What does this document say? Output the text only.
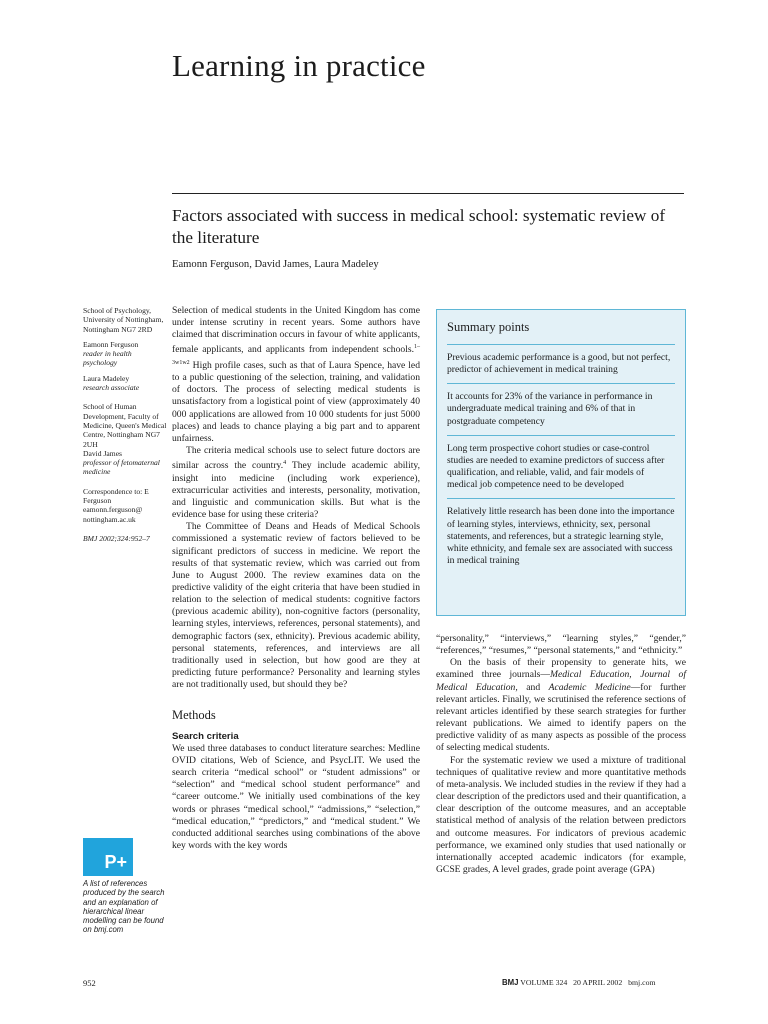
Learning in practice
Factors associated with success in medical school: systematic review of the literature
Eamonn Ferguson, David James, Laura Madeley

School of Psychology, University of Nottingham, Nottingham NG7 2RD

Eamonn Ferguson

reader in health psychology

Laura Madeley

research associate

School of Human Development, Faculty of Medicine, Queen's Medical Centre, Nottingham NG7 2UH

David James

professor of fetomaternal medicine

Correspondence to: E Ferguson eamonn.ferguson@ nottingham.ac.uk

BMJ 2002;324:952–7

Selection of medical students in the United Kingdom has come under intense scrutiny in recent years. Some authors have claimed that discrimination occurs in favour of white applicants, female applicants, and applicants from independent schools.$^{1-3w1w2}$ High profile cases, such as that of Laura Spence, have led to a public questioning of the selection, training, and validation of doctors. The process of selecting medical students is unsatisfactory from a logistical point of view (approximately 40 000 applications are allowed from 10 000 students for just 5000 places) and leads to chance playing a big part and to apparent unfairness.

The criteria medical schools use to select future doctors are similar across the country.$^4$ They include academic ability, insight into medicine (including work experience), extracurricular activities and interests, personality, motivation, and linguistic and communication skills. But what is the evidence base for using these criteria?

The Committee of Deans and Heads of Medical Schools commissioned a systematic review of factors believed to be significant predictors of success in medicine. We report the results of that systematic review, which was carried out from June to August 2000. The review examines data on the predictive validity of the eight criteria that have been studied in relation to the selection of medical students: cognitive factors (previous academic ability), non-cognitive factors (personality, learning styles, interviews, references, personal statements), and demographic factors (sex, ethnicity). Previous academic ability, personal statements, references, and interviews are all traditionally used in selection, but how good are they at predicting future performance? Personality and learning styles are not traditionally used, but should they be?

Methods
Search criteria

We used three databases to conduct literature searches: Medline OVID citations, Web of Science, and PsycLIT. We used the search criteria “medical school” or “student admissions” or “selection” and “medical school student performance” and “career outcome.” We initially used combinations of the key words or phrases “medical school,” “admissions,” “selection,” “medical education,” “predictors,” and “medical student.” We conducted additional searches using combinations of the above key words with the key words

Summary points
Previous academic performance is a good, but not perfect, predictor of achievement in medical training
It accounts for 23% of the variance in performance in undergraduate medical training and 6% of that in postgraduate competency
Long term prospective cohort studies or case-control studies are needed to examine predictors of success after qualification, and reliable, valid, and fair models of medical job competence need to be developed
Relatively little research has been done into the importance of learning styles, interviews, ethnicity, sex, personal statements, and references, but a strategic learning style, white ethnicity, and female sex are associated with success in medical training

“personality,” “interviews,” “learning styles,” “gender,” “references,” “resumes,” “personal statements,” and “ethnicity.”

On the basis of their propensity to generate hits, we examined three journals—Medical Education, Journal of Medical Education, and Academic Medicine—for further relevant articles. Finally, we scrutinised the reference sections of relevant articles identified by these search strategies for further relevant publications. We aimed to identify papers on the predictive validity of as many aspects as possible of the process of selecting medical students.

For the systematic review we used a mixture of traditional techniques of qualitative review and more quantitative methods of meta-analysis. We included studies in the review if they had a clear description of the predictors used and their quantification, a clear description of the outcome measures, and an acceptable statistical method of analysis of the relation between predictors and outcome measures. For indicators of previous academic performance, we examined only studies that used nationally or internationally accepted academic indicators (for example, GCSE grades, A level grades, grade point average (GPA)

P+
A list of references produced by the search and an explanation of hierarchical linear modelling can be found on bmj.com
952	BMJ VOLUME 324   20 APRIL 2002   bmj.com
